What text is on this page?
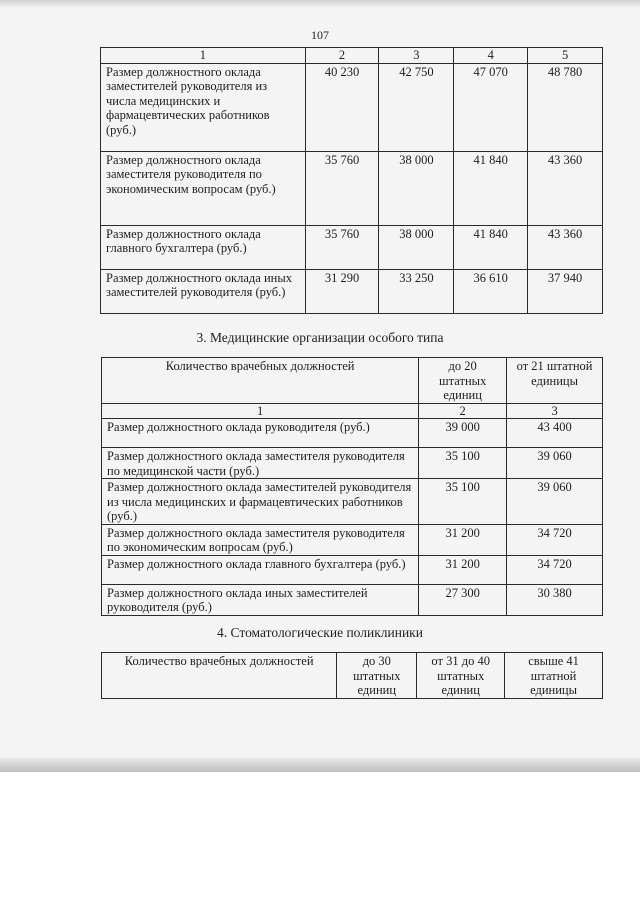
107
1	2	3	4	5
Размер должностного оклада заместителей руководителя из числа медицинских и фармацевтических работников (руб.)	40 230	42 750	47 070	48 780
Размер должностного оклада заместителя руководителя по экономическим вопросам (руб.)	35 760	38 000	41 840	43 360
Размер должностного оклада главного бухгалтера (руб.)	35 760	38 000	41 840	43 360
Размер должностного оклада иных заместителей руководителя (руб.)	31 290	33 250	36 610	37 940
3. Медицинские организации особого типа
Количество врачебных должностей	до 20 штатных единиц	от 21 штатной единицы
1	2	3
Размер должностного оклада руководителя (руб.)	39 000	43 400
Размер должностного оклада заместителя руководителя по медицинской части (руб.)	35 100	39 060
Размер должностного оклада заместителей руководителя из числа медицинских и фармацевтических работников (руб.)	35 100	39 060
Размер должностного оклада заместителя руководителя по экономическим вопросам (руб.)	31 200	34 720
Размер должностного оклада главного бухгалтера (руб.)	31 200	34 720
Размер должностного оклада иных заместителей руководителя (руб.)	27 300	30 380
4. Стоматологические поликлиники
Количество врачебных должностей	до 30 штатных единиц	от 31 до 40 штатных единиц	свыше 41 штатной единицы
